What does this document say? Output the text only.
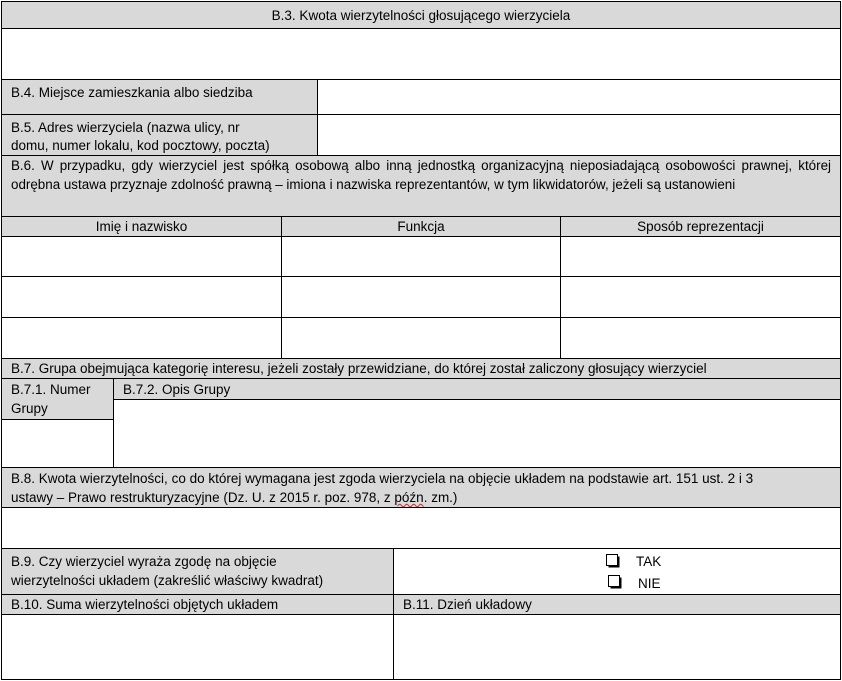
B.3. Kwota wierzytelności głosującego wierzyciela
B.4. Miejsce zamieszkania albo siedziba
B.5. Adres wierzyciela (nazwa ulicy, nr
domu, numer lokalu, kod pocztowy, poczta)
B.6. W przypadku, gdy wierzyciel jest spółką osobową albo inną jednostką organizacyjną nieposiadającą osobowości prawnej, której odrębna ustawa przyznaje zdolność prawną – imiona i nazwiska reprezentantów, w tym likwidatorów, jeżeli są ustanowieni
Imię i nazwisko	Funkcja	Sposób reprezentacji
B.7. Grupa obejmująca kategorię interesu, jeżeli zostały przewidziane, do której został zaliczony głosujący wierzyciel
B.7.1. Numer
Grupy
B.7.2. Opis Grupy
B.8. Kwota wierzytelności, co do której wymagana jest zgoda wierzyciela na objęcie układem na podstawie art. 151 ust. 2 i 3
ustawy – Prawo restrukturyzacyjne (Dz. U. z 2015 r. poz. 978, z późn. zm.)
B.9. Czy wierzyciel wyraża zgodę na objęcie
wierzytelności układem (zakreślić właściwy kwadrat)
TAK
NIE
B.10. Suma wierzytelności objętych układem	B.11. Dzień układowy
